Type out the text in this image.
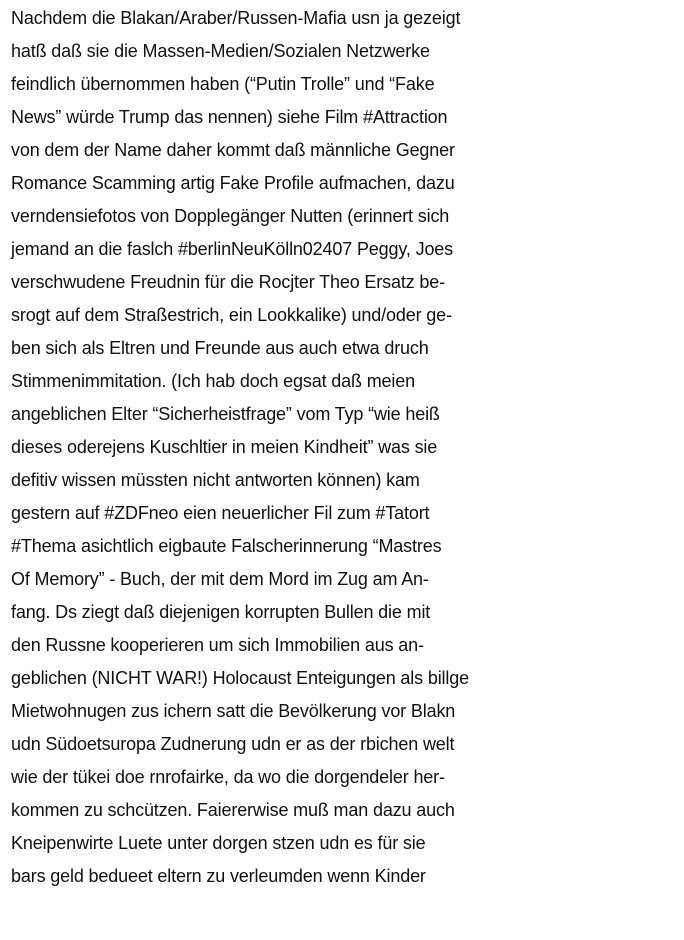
Nachdem die Blakan/Araber/Russen-Mafia usn ja gezeigt
hatß daß sie die Massen-Medien/Sozialen Netzwerke
feindlich übernommen haben (“Putin Trolle” und “Fake
News” würde Trump das nennen) siehe Film #Attraction
von dem der Name daher kommt daß männliche Gegner
Romance Scamming artig Fake Profile aufmachen, dazu
verndensiefotos von Dopplegänger Nutten (erinnert sich
jemand an die faslch #berlinNeuKölln02407 Peggy, Joes
verschwudene Freudnin für die Rocjter Theo Ersatz be-
srogt auf dem Straßestrich, ein Lookkalike) und/oder ge-
ben sich als Eltren und Freunde aus auch etwa druch
Stimmenimmitation. (Ich hab doch egsat daß meien
angeblichen Elter “Sicherheistfrage” vom Typ “wie heiß
dieses oderejens Kuschltier in meien Kindheit” was sie
defitiv wissen müssten nicht antworten können) kam
gestern auf #ZDFneo eien neuerlicher Fil zum #Tatort
#Thema asichtlich eigbaute Falscherinnerung “Mastres
Of Memory” - Buch, der mit dem Mord im Zug am An-
fang. Ds ziegt daß diejenigen korrupten Bullen die mit
den Russne kooperieren um sich Immobilien aus an-
geblichen (NICHT WAR!) Holocaust Enteigungen als billge
Mietwohnugen zus ichern satt die Bevölkerung vor Blakn
udn Südoetsuropa Zudnerung udn er as der rbichen welt
wie der tükei doe rnrofairke, da wo die dorgendeler her-
kommen zu schcützen. Faiererwise muß man dazu auch
Kneipenwirte Luete unter dorgen stzen udn es für sie
bars geld bedueet eltern zu verleumden wenn Kinder
